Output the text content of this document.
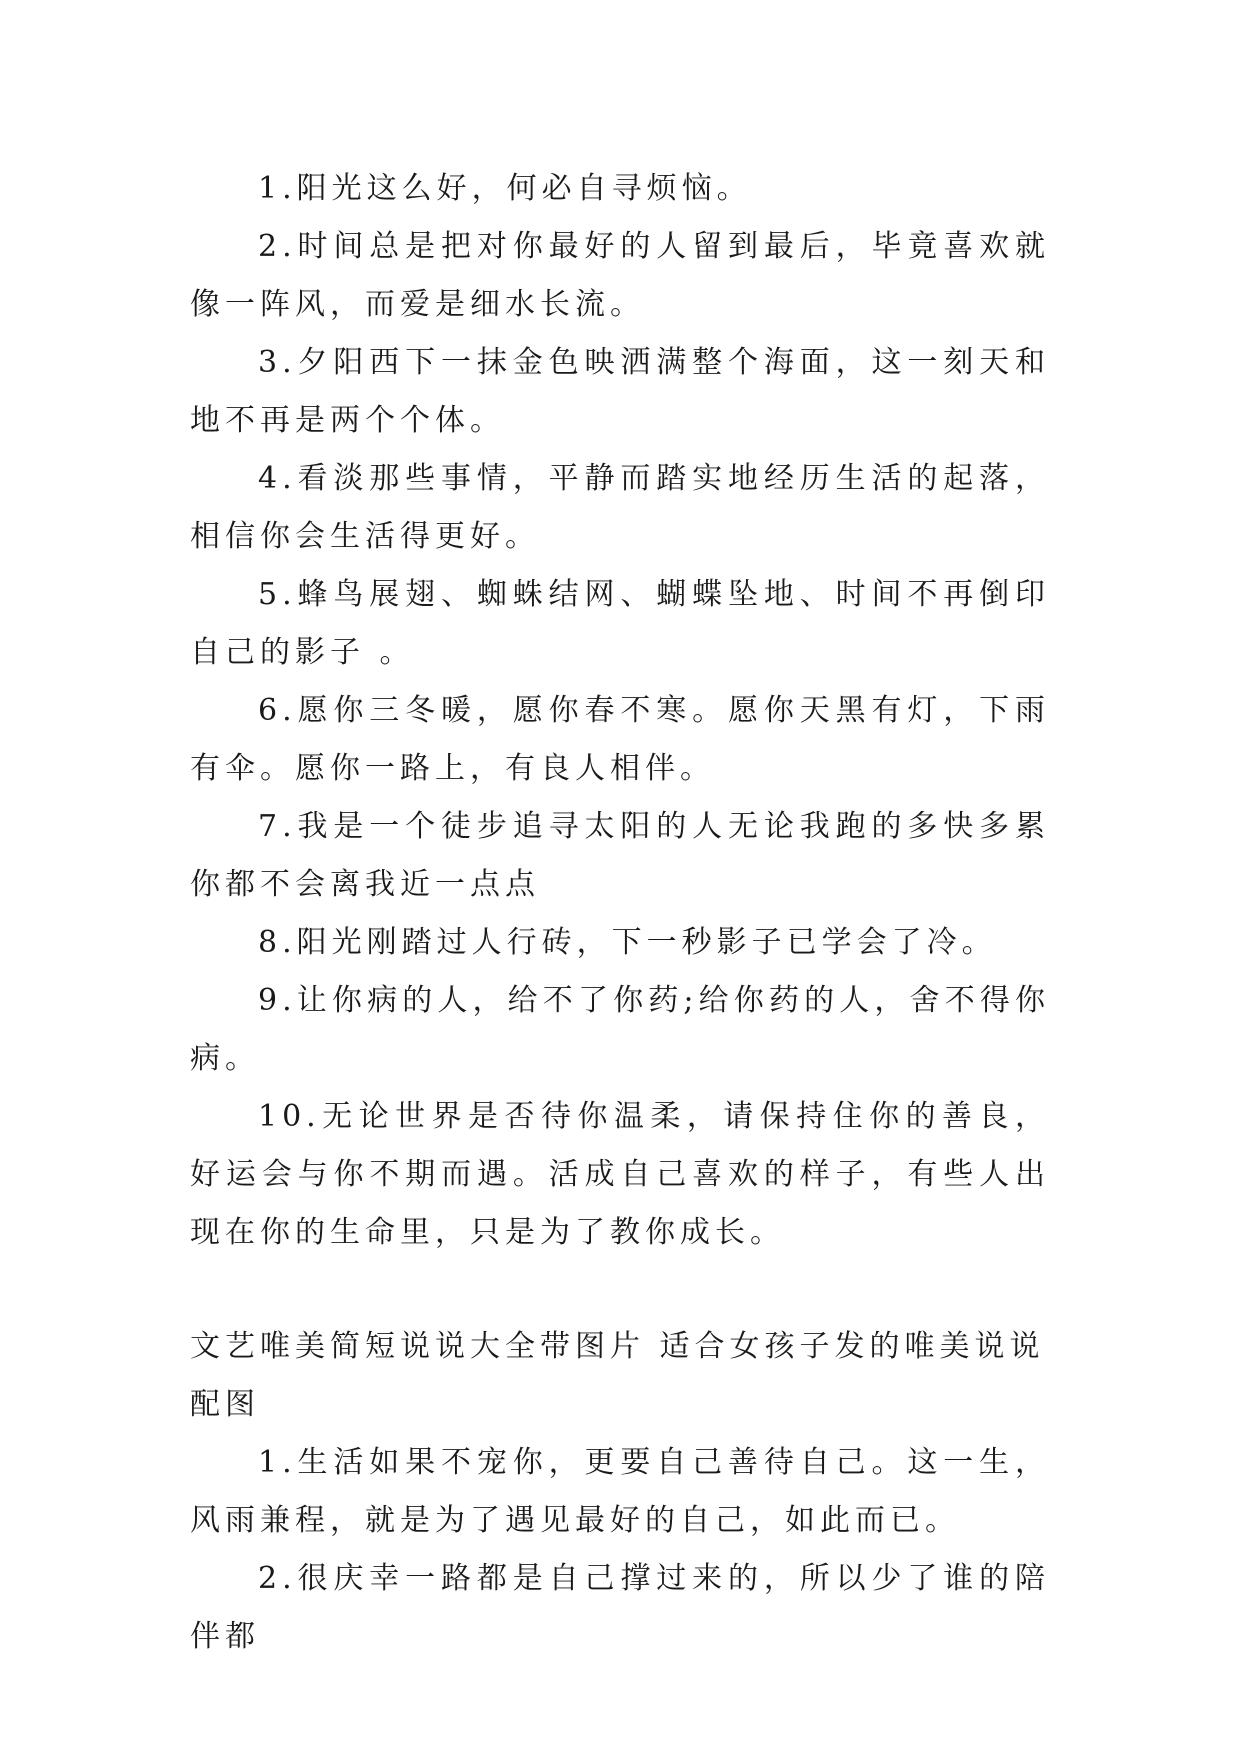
1.阳光这么好，何必自寻烦恼。

2.时间总是把对你最好的人留到最后，毕竟喜欢就像一阵风，而爱是细水长流。

3.夕阳西下一抹金色映洒满整个海面，这一刻天和地不再是两个个体。

4.看淡那些事情，平静而踏实地经历生活的起落，相信你会生活得更好。

5.蜂鸟展翅、蜘蛛结网、蝴蝶坠地、时间不再倒印自己的影子 。

6.愿你三冬暖，愿你春不寒。愿你天黑有灯，下雨有伞。愿你一路上，有良人相伴。

7.我是一个徒步追寻太阳的人无论我跑的多快多累你都不会离我近一点点

8.阳光刚踏过人行砖，下一秒影子已学会了冷。

9.让你病的人，给不了你药;给你药的人，舍不得你病。

10.无论世界是否待你温柔，请保持住你的善良，好运会与你不期而遇。活成自己喜欢的样子，有些人出现在你的生命里，只是为了教你成长。

文艺唯美简短说说大全带图片 适合女孩子发的唯美说说配图

1.生活如果不宠你，更要自己善待自己。这一生，风雨兼程，就是为了遇见最好的自己，如此而已。

2.很庆幸一路都是自己撑过来的，所以少了谁的陪伴都
